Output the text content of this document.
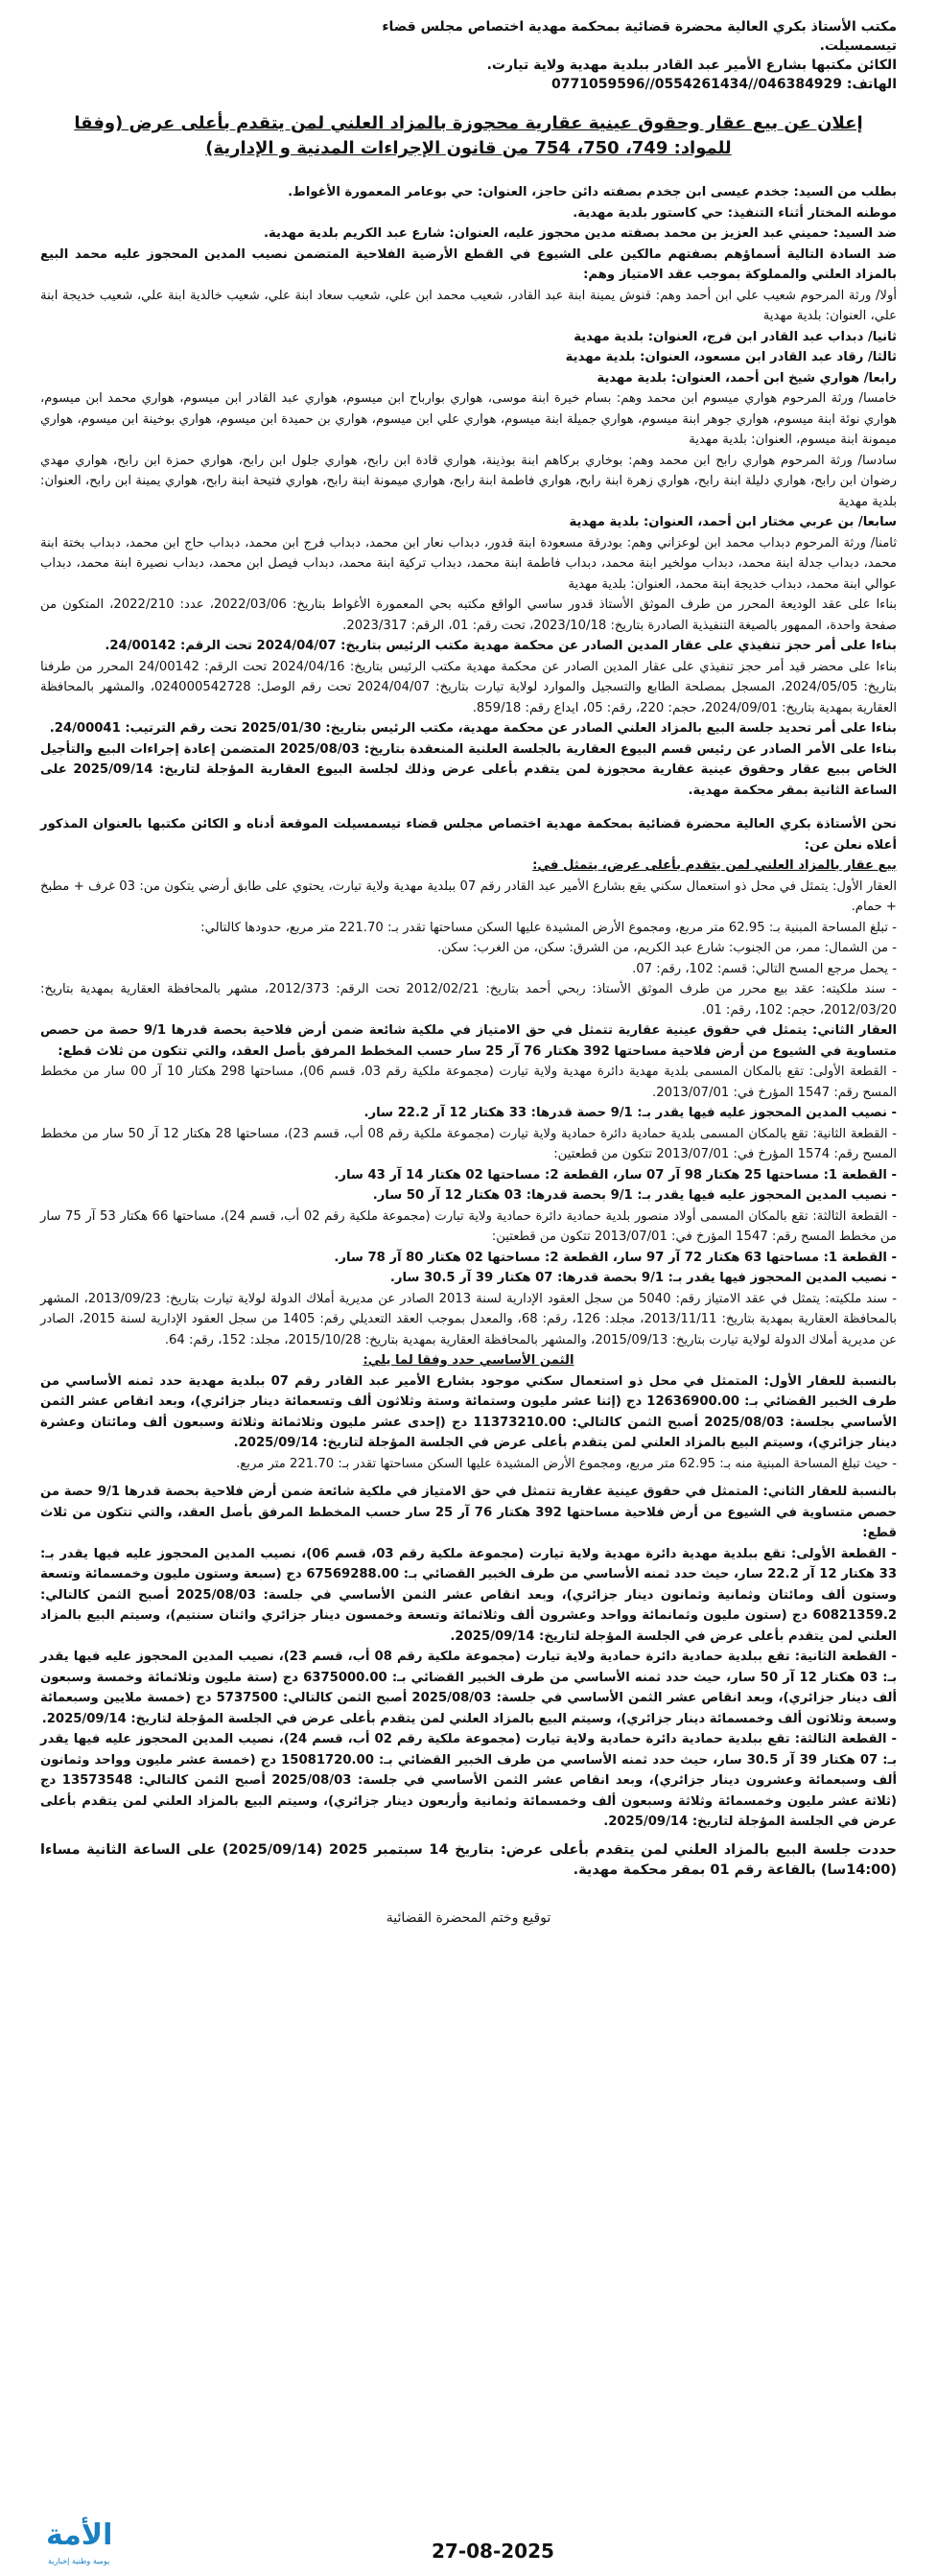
مكتب الأستاذ بكري العالية محضرة قضائية بمحكمة مهدية اختصاص مجلس قضاء تيسمسيلت.
الكائن مكتبها بشارع الأمير عبد القادر ببلدية مهدية ولاية تيارت.
الهاتف: 046384929//0554261434//0771059596
إعلان عن بيع عقار وحقوق عينية عقارية محجوزة بالمزاد العلني لمن يتقدم بأعلى عرض (وفقا للمواد: 749، 750، 754 من قانون الإجراءات المدنية و الإدارية)

بطلب من السيد: جخدم عيسى ابن جخدم بصفته دائن حاجز، العنوان: حي بوعامر المعمورة الأغواط.

موطنه المختار أثناء التنفيذ: حي كاستور بلدية مهدية.

ضد السيد: حميني عبد العزيز بن محمد بصفته مدين محجوز عليه، العنوان: شارع عبد الكريم بلدية مهدية.

ضد السادة التالية أسماؤهم بصفتهم مالكين على الشيوع في القطع الأرضية الفلاحية المتضمن نصيب المدين المحجوز عليه محمد البيع بالمزاد العلني والمملوكة بموجب عقد الامتياز وهم:

أولا/ ورثة المرحوم شعيب علي ابن أحمد وهم: قنوش يمينة ابنة عبد القادر، شعيب محمد ابن علي، شعيب سعاد ابنة علي، شعيب خالدية ابنة علي، شعيب خديجة ابنة علي، العنوان: بلدية مهدية

ثانيا/ دبداب عبد القادر ابن فرج، العنوان: بلدية مهدية

ثالثا/ رقاد عبد القادر ابن مسعود، العنوان: بلدية مهدية

رابعا/ هواري شيخ ابن أحمد، العنوان: بلدية مهدية

خامسا/ ورثة المرحوم هواري ميسوم ابن محمد وهم: بسام خيرة ابنة موسى، هواري بوارباح ابن ميسوم، هواري عبد القادر ابن ميسوم، هواري محمد ابن ميسوم، هواري نوئة ابنة ميسوم، هواري جوهر ابنة ميسوم، هواري جميلة ابنة ميسوم، هواري علي ابن ميسوم، هواري بن حميدة ابن ميسوم، هواري بوخينة ابن ميسوم، هواري ميمونة ابنة ميسوم، العنوان: بلدية مهدية

سادسا/ ورثة المرحوم هواري رابح ابن محمد وهم: بوخاري بركاهم ابنة بوذينة، هواري قادة ابن رابح، هواري جلول ابن رابح، هواري حمزة ابن رابح، هواري مهدي رضوان ابن رابح، هواري دليلة ابنة رابح، هواري زهرة ابنة رابح، هواري فاطمة ابنة رابح، هواري ميمونة ابنة رابح، هواري فتيحة ابنة رابح، هواري يمينة ابن رابح، العنوان: بلدية مهدية

سابعا/ بن عربي مختار ابن أحمد، العنوان: بلدية مهدية

ثامنا/ ورثة المرحوم دبداب محمد ابن لوعزاني وهم: بودرقة مسعودة ابنة قدور، دبداب نعار ابن محمد، دبداب فرج ابن محمد، دبداب حاج ابن محمد، دبداب بختة ابنة محمد، دبداب جدلة ابنة محمد، دبداب مولخير ابنة محمد، دبداب فاطمة ابنة محمد، دبداب تركية ابنة محمد، دبداب فيصل ابن محمد، دبداب نصيرة ابنة محمد، دبداب عوالي ابنة محمد، دبداب خديجة ابنة محمد، العنوان: بلدية مهدية

بناءا على عقد الوديعة المحرر من طرف الموثق الأستاذ قدور ساسي الواقع مكتبه بحي المعمورة الأغواط بتاريخ: 2022/03/06، عدد: 2022/210، المتكون من صفحة واحدة، الممهور بالصيغة التنفيذية الصادرة بتاريخ: 2023/10/18، تحت رقم: 01، الرقم: 2023/317.

بناءا على أمر حجز تنفيذي على عقار المدين الصادر عن محكمة مهدية مكتب الرئيس بتاريخ: 2024/04/07 تحت الرقم: 24/00142.

بناءا على محضر قيد أمر حجز تنفيذي على عقار المدين الصادر عن محكمة مهدية مكتب الرئيس بتاريخ: 2024/04/16 تحت الرقم: 24/00142 المحرر من طرفنا بتاريخ: 2024/05/05، المسجل بمصلحة الطابع والتسجيل والموارد لولاية تيارت بتاريخ: 2024/04/07 تحت رقم الوصل: 024000542728، والمشهر بالمحافظة العقارية بمهدية بتاريخ: 2024/09/01، حجم: 220، رقم: 05، ايداع رقم: 859/18.

بناءا على أمر تحديد جلسة البيع بالمزاد العلني الصادر عن محكمة مهدية، مكتب الرئيس بتاريخ: 2025/01/30 تحت رقم الترتيب: 24/00041.

بناءا على الأمر الصادر عن رئيس قسم البيوع العقارية بالجلسة العلنية المنعقدة بتاريخ: 2025/08/03 المتضمن إعادة إجراءات البيع والتأجيل الخاص ببيع عقار وحقوق عينية عقارية محجوزة لمن يتقدم بأعلى عرض وذلك لجلسة البيوع العقارية المؤجلة لتاريخ: 2025/09/14 على الساعة الثانية بمقر محكمة مهدية.

نحن الأستاذة بكري العالية محضرة قضائية بمحكمة مهدية اختصاص مجلس قضاء تيسمسيلت الموقعة أدناه و الكائن مكتبها بالعنوان المذكور أعلاه نعلن عن:

بيع عقار بالمزاد العلني لمن يتقدم بأعلى عرض، يتمثل في:

العقار الأول: يتمثل في محل ذو استعمال سكني يقع بشارع الأمير عبد القادر رقم 07 ببلدية مهدية ولاية تيارت، يحتوي على طابق أرضي يتكون من: 03 غرف + مطبخ + حمام.

- تبلغ المساحة المبنية بـ: 62.95 متر مربع، ومجموع الأرض المشيدة عليها السكن مساحتها تقدر بـ: 221.70 متر مربع، حدودها كالتالي:

- من الشمال: ممر، من الجنوب: شارع عبد الكريم، من الشرق: سكن، من الغرب: سكن.

- يحمل مرجع المسح التالي: قسم: 102، رقم: 07.

- سند ملكيته: عقد بيع محرر من طرف الموثق الأستاذ: ربحي أحمد بتاريخ: 2012/02/21 تحت الرقم: 2012/373، مشهر بالمحافظة العقارية بمهدية بتاريخ: 2012/03/20، حجم: 102، رقم: 01.

العقار الثاني: يتمثل في حقوق عينية عقارية تتمثل في حق الامتياز في ملكية شائعة ضمن أرض فلاحية بحصة قدرها 9/1 حصة من حصص متساوية في الشيوع من أرض فلاحية مساحتها 392 هكتار 76 آر 25 سار حسب المخطط المرفق بأصل العقد، والتي تتكون من ثلاث قطع:

- القطعة الأولى: تقع بالمكان المسمى بلدية مهدية دائرة مهدية ولاية تيارت (مجموعة ملكية رقم 03، قسم 06)، مساحتها 298 هكتار 10 آر 00 سار من مخطط المسح رقم: 1547 المؤرخ في: 2013/07/01.

- نصيب المدين المحجوز عليه فيها يقدر بـ: 9/1 حصة قدرها: 33 هكتار 12 آر 22.2 سار.

- القطعة الثانية: تقع بالمكان المسمى بلدية حمادية دائرة حمادية ولاية تيارت (مجموعة ملكية رقم 08 أب، قسم 23)، مساحتها 28 هكتار 12 آر 50 سار من مخطط المسح رقم: 1574 المؤرخ في: 2013/07/01 تتكون من قطعتين:

- القطعة 1: مساحتها 25 هكتار 98 آر 07 سار، القطعة 2: مساحتها 02 هكتار 14 آر 43 سار.

- نصيب المدين المحجوز عليه فيها يقدر بـ: 9/1 بحصة قدرها: 03 هكتار 12 آر 50 سار.

- القطعة الثالثة: تقع بالمكان المسمى أولاد منصور بلدية حمادية دائرة حمادية ولاية تيارت (مجموعة ملكية رقم 02 أب، قسم 24)، مساحتها 66 هكتار 53 آر 75 سار من مخطط المسح رقم: 1547 المؤرخ في: 2013/07/01 تتكون من قطعتين:

- القطعة 1: مساحتها 63 هكتار 72 آر 97 سار، القطعة 2: مساحتها 02 هكتار 80 آر 78 سار.

- نصيب المدين المحجوز فيها يقدر بـ: 9/1 بحصة قدرها: 07 هكتار 39 آر 30.5 سار.

- سند ملكيته: يتمثل في عقد الامتياز رقم: 5040 من سجل العقود الإدارية لسنة 2013 الصادر عن مديرية أملاك الدولة لولاية تيارت بتاريخ: 2013/09/23، المشهر بالمحافظة العقارية بمهدية بتاريخ: 2013/11/11، مجلد: 126، رقم: 68، والمعدل بموجب العقد التعديلي رقم: 1405 من سجل العقود الإدارية لسنة 2015، الصادر عن مديرية أملاك الدولة لولاية تيارت بتاريخ: 2015/09/13، والمشهر بالمحافظة العقارية بمهدية بتاريخ: 2015/10/28، مجلد: 152، رقم: 64.

الثمن الأساسي حدد وفقا لما يلي:

بالنسبة للعقار الأول: المتمثل في محل ذو استعمال سكني موجود بشارع الأمير عبد القادر رقم 07 ببلدية مهدية حدد ثمنه الأساسي من طرف الخبير القضائي بـ: 12636900.00 دج (إثنا عشر مليون وستمائة وستة وثلاثون ألف وتسعمائة دينار جزائري)، وبعد انقاص عشر الثمن الأساسي بجلسة: 2025/08/03 أصبح الثمن كالتالي: 11373210.00 دج (إحدى عشر مليون وثلاثمائة وثلاثة وسبعون ألف ومائتان وعشرة دينار جزائري)، وسيتم البيع بالمزاد العلني لمن يتقدم بأعلى عرض في الجلسة المؤجلة لتاريخ: 2025/09/14.

- حيث تبلغ المساحة المبنية منه بـ: 62.95 متر مربع، ومجموع الأرض المشيدة عليها السكن مساحتها تقدر بـ: 221.70 متر مربع.

بالنسبة للعقار الثاني: المتمثل في حقوق عينية عقارية تتمثل في حق الامتياز في ملكية شائعة ضمن أرض فلاحية بحصة قدرها 9/1 حصة من حصص متساوية في الشيوع من أرض فلاحية مساحتها 392 هكتار 76 آر 25 سار حسب المخطط المرفق بأصل العقد، والتي تتكون من ثلاث قطع:

- القطعة الأولى: تقع ببلدية مهدية دائرة مهدية ولاية تيارت (مجموعة ملكية رقم 03، قسم 06)، نصيب المدين المحجوز عليه فيها يقدر بـ: 33 هكتار 12 آر 22.2 سار، حيث حدد ثمنه الأساسي من طرف الخبير القضائي بـ: 67569288.00 دج (سبعة وستون مليون وخمسمائة وتسعة وستون ألف ومائتان وثمانية وثمانون دينار جزائري)، وبعد انقاص عشر الثمن الأساسي في جلسة: 2025/08/03 أصبح الثمن كالتالي: 60821359.2 دج (ستون مليون وثمانمائة وواحد وعشرون ألف وثلاثمائة وتسعة وخمسون دينار جزائري واثنان سنتيم)، وسيتم البيع بالمزاد العلني لمن يتقدم بأعلى عرض في الجلسة المؤجلة لتاريخ: 2025/09/14.

- القطعة الثانية: تقع ببلدية حمادية دائرة حمادية ولاية تيارت (مجموعة ملكية رقم 08 أب، قسم 23)، نصيب المدين المحجوز عليه فيها يقدر بـ: 03 هكتار 12 آر 50 سار، حيث حدد ثمنه الأساسي من طرف الخبير القضائي بـ: 6375000.00 دج (ستة مليون وثلاثمائة وخمسة وسبعون ألف دينار جزائري)، وبعد انقاص عشر الثمن الأساسي في جلسة: 2025/08/03 أصبح الثمن كالتالي: 5737500 دج (خمسة ملايين وسبعمائة وسبعة وثلاثون ألف وخمسمائة دينار جزائري)، وسيتم البيع بالمزاد العلني لمن يتقدم بأعلى عرض في الجلسة المؤجلة لتاريخ: 2025/09/14.

- القطعة الثالثة: تقع ببلدية حمادية دائرة حمادية ولاية تيارت (مجموعة ملكية رقم 02 أب، قسم 24)، نصيب المدين المحجوز عليه فيها يقدر بـ: 07 هكتار 39 آر 30.5 سار، حيث حدد ثمنه الأساسي من طرف الخبير القضائي بـ: 15081720.00 دج (خمسة عشر مليون وواحد وثمانون ألف وسبعمائة وعشرون دينار جزائري)، وبعد انقاص عشر الثمن الأساسي في جلسة: 2025/08/03 أصبح الثمن كالتالي: 13573548 دج (ثلاثة عشر مليون وخمسمائة وثلاثة وسبعون ألف وخمسمائة وثمانية وأربعون دينار جزائري)، وسيتم البيع بالمزاد العلني لمن يتقدم بأعلى عرض في الجلسة المؤجلة لتاريخ: 2025/09/14.

حددت جلسة البيع بالمزاد العلني لمن يتقدم بأعلى عرض: بتاريخ 14 سبتمبر 2025 (2025/09/14) على الساعة الثانية مساءا (14:00سا) بالقاعة رقم 01 بمقر محكمة مهدية.

توقيع وختم المحضرة القضائية
الأمة
يومية وطنية إخبارية	27-08-2025
